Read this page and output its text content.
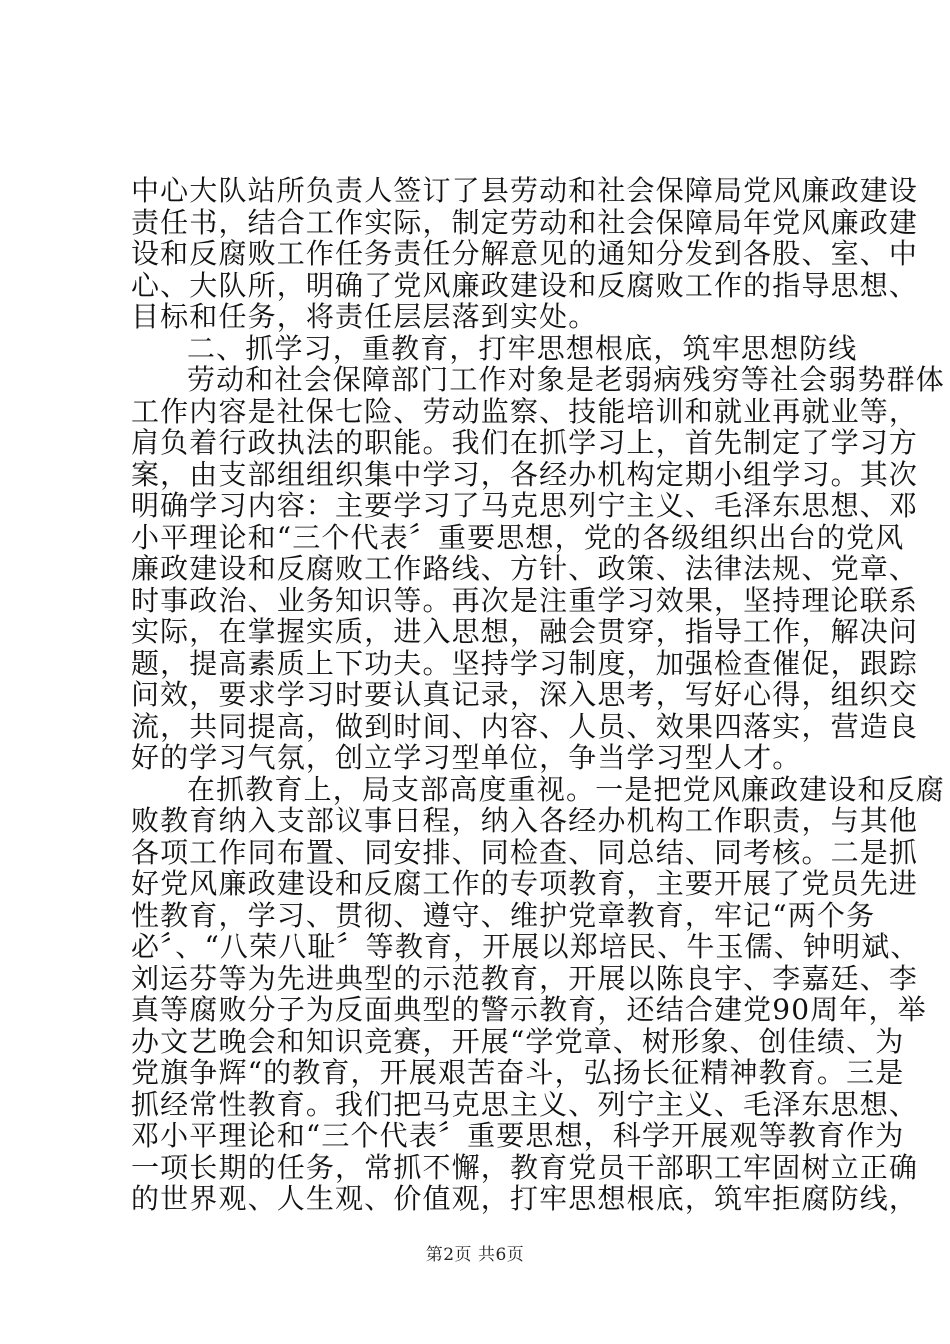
中心大队站所负责人签订了县劳动和社会保障局党风廉政建设
责任书，结合工作实际，制定劳动和社会保障局年党风廉政建
设和反腐败工作任务责任分解意见的通知分发到各股、室、中
心、大队所，明确了党风廉政建设和反腐败工作的指导思想、
目标和任务，将责任层层落到实处。
二、抓学习，重教育，打牢思想根底，筑牢思想防线
劳动和社会保障部门工作对象是老弱病残穷等社会弱势群体
工作内容是社保七险、劳动监察、技能培训和就业再就业等，
肩负着行政执法的职能。我们在抓学习上，首先制定了学习方
案，由支部组组织集中学习，各经办机构定期小组学习。其次
明确学习内容：主要学习了马克思列宁主义、毛泽东思想、邓
小平理论和“三个代表〞重要思想，党的各级组织出台的党风
廉政建设和反腐败工作路线、方针、政策、法律法规、党章、
时事政治、业务知识等。再次是注重学习效果，坚持理论联系
实际，在掌握实质，进入思想，融会贯穿，指导工作，解决问
题，提高素质上下功夫。坚持学习制度，加强检查催促，跟踪
问效，要求学习时要认真记录，深入思考，写好心得，组织交
流，共同提高，做到时间、内容、人员、效果四落实，营造良
好的学习气氛，创立学习型单位，争当学习型人才。
在抓教育上，局支部高度重视。一是把党风廉政建设和反腐
败教育纳入支部议事日程，纳入各经办机构工作职责，与其他
各项工作同布置、同安排、同检查、同总结、同考核。二是抓
好党风廉政建设和反腐工作的专项教育，主要开展了党员先进
性教育，学习、贯彻、遵守、维护党章教育，牢记“两个务
必〞、“八荣八耻〞等教育，开展以郑培民、牛玉儒、钟明斌、
刘运芬等为先进典型的示范教育，开展以陈良宇、李嘉廷、李
真等腐败分子为反面典型的警示教育，还结合建党90周年，举
办文艺晚会和知识竞赛，开展“学党章、树形象、创佳绩、为
党旗争辉“的教育，开展艰苦奋斗，弘扬长征精神教育。三是
抓经常性教育。我们把马克思主义、列宁主义、毛泽东思想、
邓小平理论和“三个代表〞重要思想，科学开展观等教育作为
一项长期的任务，常抓不懈，教育党员干部职工牢固树立正确
的世界观、人生观、价值观，打牢思想根底，筑牢拒腐防线，
第2页 共6页
